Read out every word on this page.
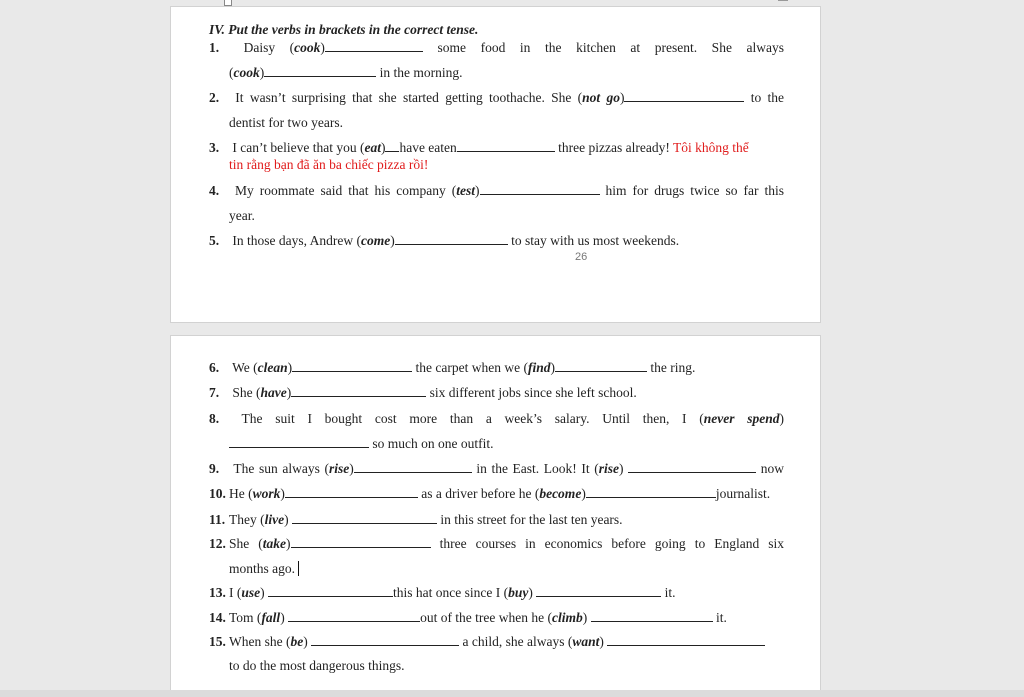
IV. Put the verbs in brackets in the correct tense.
1. Daisy (cook)	some food in the kitchen at present. She always
(cook)	in the morning.
2. It wasn’t surprising that she started getting toothache. She (not go)	to the
dentist for two years.
3. I can’t believe that you (eat) have eaten	three pizzas already! Tôi không thể
tin rằng bạn đã ăn ba chiếc pizza rồi!
4. My roommate said that his company (test)	him for drugs twice so far this
year.
5. In those days, Andrew (come)	to stay with us most weekends.
26
6. We (clean)	the carpet when we (find)	the ring.
7. She (have)	six different jobs since she left school.
8. The suit I bought cost more than a week’s salary. Until then, I (never spend)
so much on one outfit.
9. The sun always (rise)	in the East. Look! It (rise)	now
10. He (work)	as a driver before he (become)	journalist.
11. They (live)	in this street for the last ten years.
12. She (take)	three courses in economics before going to England six
months ago.
13. I (use)	this hat once since I (buy)	it.
14. Tom (fall)	out of the tree when he (climb)	it.
15. When she (be)	a child, she always (want)
to do the most dangerous things.
